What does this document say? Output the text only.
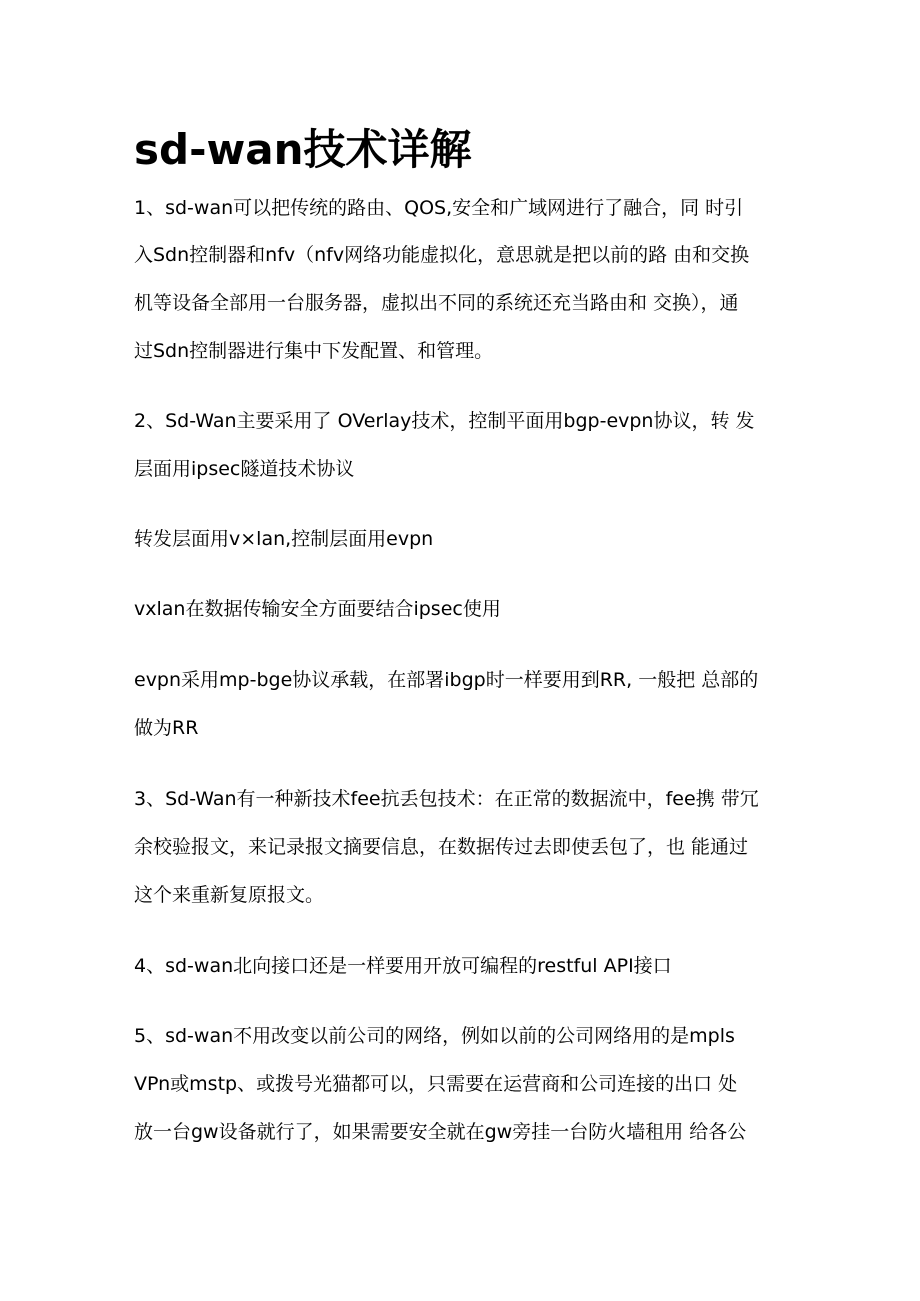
sd-wan技术详解

1、sd-wan可以把传统的路由、QOS,安全和广域网进行了融合，同 时引

入Sdn控制器和nfv（nfv网络功能虚拟化，意思就是把以前的路 由和交换

机等设备全部用一台服务器，虚拟出不同的系统还充当路由和 交换），通

过Sdn控制器进行集中下发配置、和管理。

2、Sd-Wan主要采用了 OVerlay技术，控制平面用bgp-evpn协议，转 发

层面用ipsec隧道技术协议

转发层面用v×lan,控制层面用evpn

vxlan在数据传输安全方面要结合ipsec使用

evpn采用mp-bge协议承载，在部署ibgp时一样要用到RR, 一般把 总部的

做为RR

3、Sd-Wan有一种新技术fee抗丢包技术：在正常的数据流中，fee携 带冗

余校验报文，来记录报文摘要信息，在数据传过去即使丢包了，也 能通过

这个来重新复原报文。

4、sd-wan北向接口还是一样要用开放可编程的restful API接口

5、sd-wan不用改变以前公司的网络，例如以前的公司网络用的是mpls

VPn或mstp、或拨号光猫都可以，只需要在运营商和公司连接的出口 处

放一台gw设备就行了，如果需要安全就在gw旁挂一台防火墙租用 给各公
